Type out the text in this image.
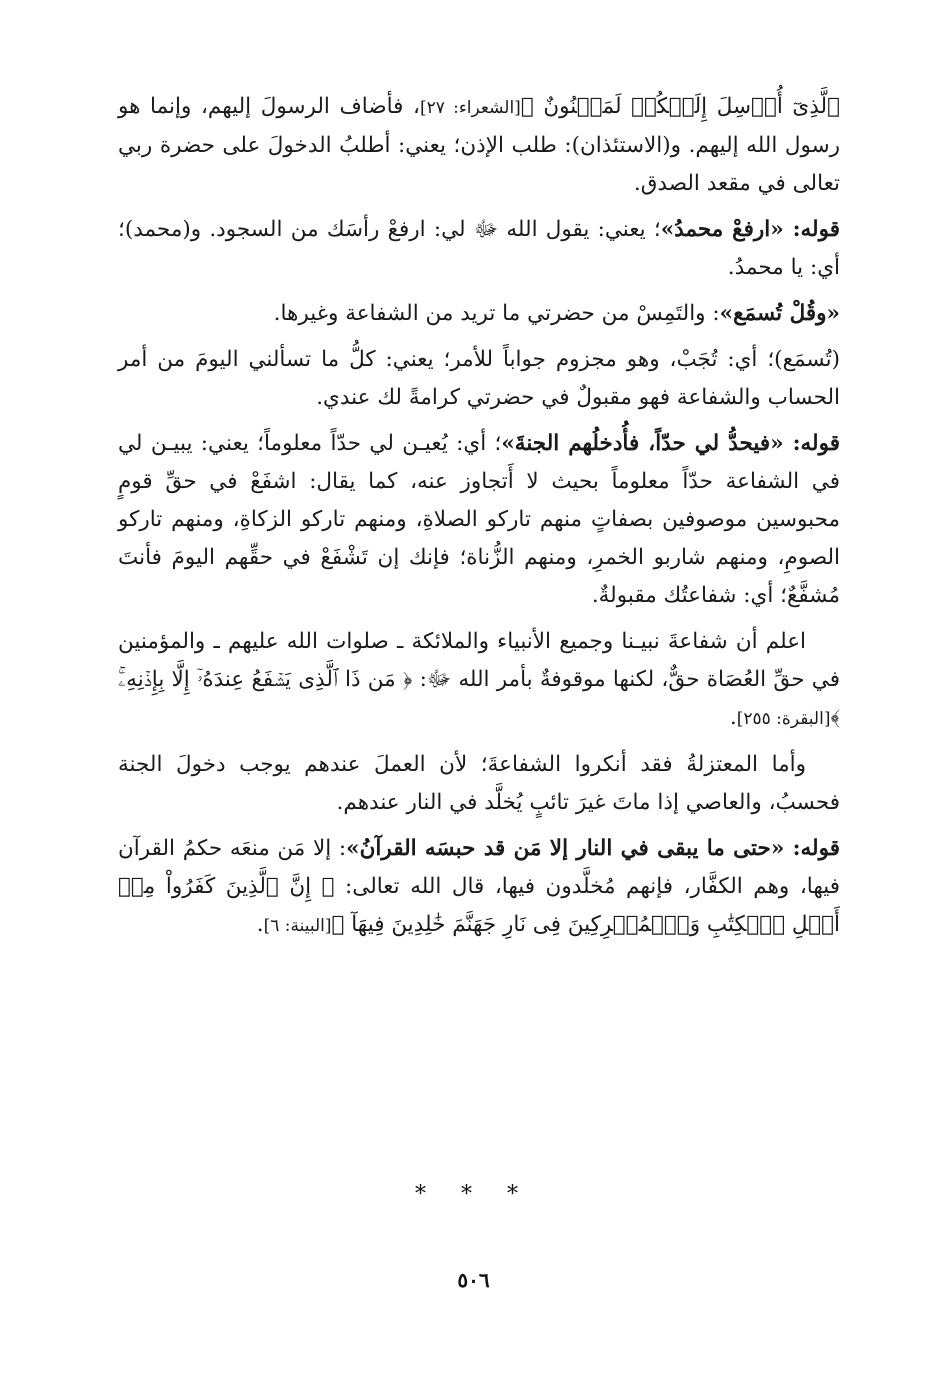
ٱلَّذِىٓ أُرۡسِلَ إِلَيۡكُمۡ لَمَجۡنُونٌ ﴾[الشعراء: ٢٧]، فأضاف الرسولَ إليهم، وإنما هو رسول الله إليهم. و(الاستئذان): طلب الإذن؛ يعني: أطلبُ الدخولَ على حضرة ربي تعالى في مقعد الصدق.

قوله: «ارفعْ محمدُ»؛ يعني: يقول الله ﷻ لي: ارفعْ رأسَك من السجود. و(محمد)؛ أي: يا محمدُ.

«وقُلْ تُسمَع»: والتَمِسْ من حضرتي ما تريد من الشفاعة وغيرها.

(تُسمَع)؛ أي: تُجَبْ، وهو مجزوم جواباً للأمر؛ يعني: كلُّ ما تسألني اليومَ من أمر الحساب والشفاعة فهو مقبولٌ في حضرتي كرامةً لك عندي.

قوله: «فيحدُّ لي حدّاً، فأُدخلُهم الجنةَ»؛ أي: يُعيـن لي حدّاً معلوماً؛ يعني: يبيـن لي في الشفاعة حدّاً معلوماً بحيث لا أَتجاوز عنه، كما يقال: اشفَعْ في حقِّ قومٍ محبوسين موصوفين بصفاتٍ منهم تاركو الصلاةِ، ومنهم تاركو الزكاةِ، ومنهم تاركو الصومِ، ومنهم شاربو الخمرِ، ومنهم الزُّناة؛ فإنك إن تَشْفَعْ في حقِّهم اليومَ فأنتَ مُشفَّعٌ؛ أي: شفاعتُك مقبولةٌ.

اعلم أن شفاعةَ نبيـنا وجميع الأنبياء والملائكة ـ صلوات الله عليهم ـ والمؤمنين في حقِّ العُصَاة حقٌّ، لكنها موقوفةٌ بأمر الله ﷻ: ﴿ مَن ذَا ٱلَّذِى يَشۡفَعُ عِندَهُۥٓ إِلَّا بِإِذۡنِهِۦۚ ﴾[البقرة: ٢٥٥].

وأما المعتزلةُ فقد أنكروا الشفاعةَ؛ لأن العملَ عندهم يوجب دخولَ الجنة فحسبُ، والعاصي إذا ماتَ غيرَ تائبٍ يُخلَّد في النار عندهم.

قوله: «حتى ما يبقى في النار إلا مَن قد حبسَه القرآنُ»: إلا مَن منعَه حكمُ القرآن فيها، وهم الكفَّار، فإنهم مُخلَّدون فيها، قال الله تعالى: ﴿ إِنَّ ٱلَّذِينَ كَفَرُواْ مِنۡ أَهۡلِ ٱلۡكِتَٰبِ وَٱلۡمُشۡرِكِينَ فِى نَارِ جَهَنَّمَ خَٰلِدِينَ فِيهَآ ﴾[البينة: ٦].

* * *
٥٠٦
